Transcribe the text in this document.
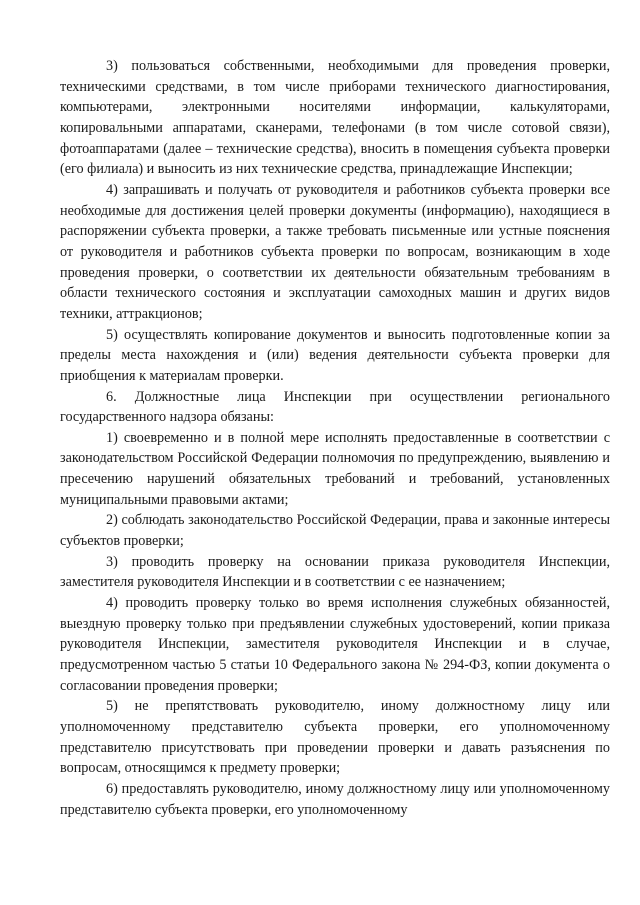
3) пользоваться собственными, необходимыми для проведения проверки, техническими средствами, в том числе приборами технического диагностирования, компьютерами, электронными носителями информации, калькуляторами, копировальными аппаратами, сканерами, телефонами (в том числе сотовой связи), фотоаппаратами (далее – технические средства), вносить в помещения субъекта проверки (его филиала) и выносить из них технические средства, принадлежащие Инспекции;

4) запрашивать и получать от руководителя и работников субъекта проверки все необходимые для достижения целей проверки документы (информацию), находящиеся в распоряжении субъекта проверки, а также требовать письменные или устные пояснения от руководителя и работников субъекта проверки по вопросам, возникающим в ходе проведения проверки, о соответствии их деятельности обязательным требованиям в области технического состояния и эксплуатации самоходных машин и других видов техники, аттракционов;

5) осуществлять копирование документов и выносить подготовленные копии за пределы места нахождения и (или) ведения деятельности субъекта проверки для приобщения к материалам проверки.

6. Должностные лица Инспекции при осуществлении регионального государственного надзора обязаны:

1) своевременно и в полной мере исполнять предоставленные в соответствии с законодательством Российской Федерации полномочия по предупреждению, выявлению и пресечению нарушений обязательных требований и требований, установленных муниципальными правовыми актами;

2) соблюдать законодательство Российской Федерации, права и законные интересы субъектов проверки;

3) проводить проверку на основании приказа руководителя Инспекции, заместителя руководителя Инспекции и в соответствии с ее назначением;

4) проводить проверку только во время исполнения служебных обязанностей, выездную проверку только при предъявлении служебных удостоверений, копии приказа руководителя Инспекции, заместителя руководителя Инспекции и в случае, предусмотренном частью 5 статьи 10 Федерального закона № 294-ФЗ, копии документа о согласовании проведения проверки;

5) не препятствовать руководителю, иному должностному лицу или уполномоченному представителю субъекта проверки, его уполномоченному представителю присутствовать при проведении проверки и давать разъяснения по вопросам, относящимся к предмету проверки;

6) предоставлять руководителю, иному должностному лицу или уполномоченному представителю субъекта проверки, его уполномоченному
